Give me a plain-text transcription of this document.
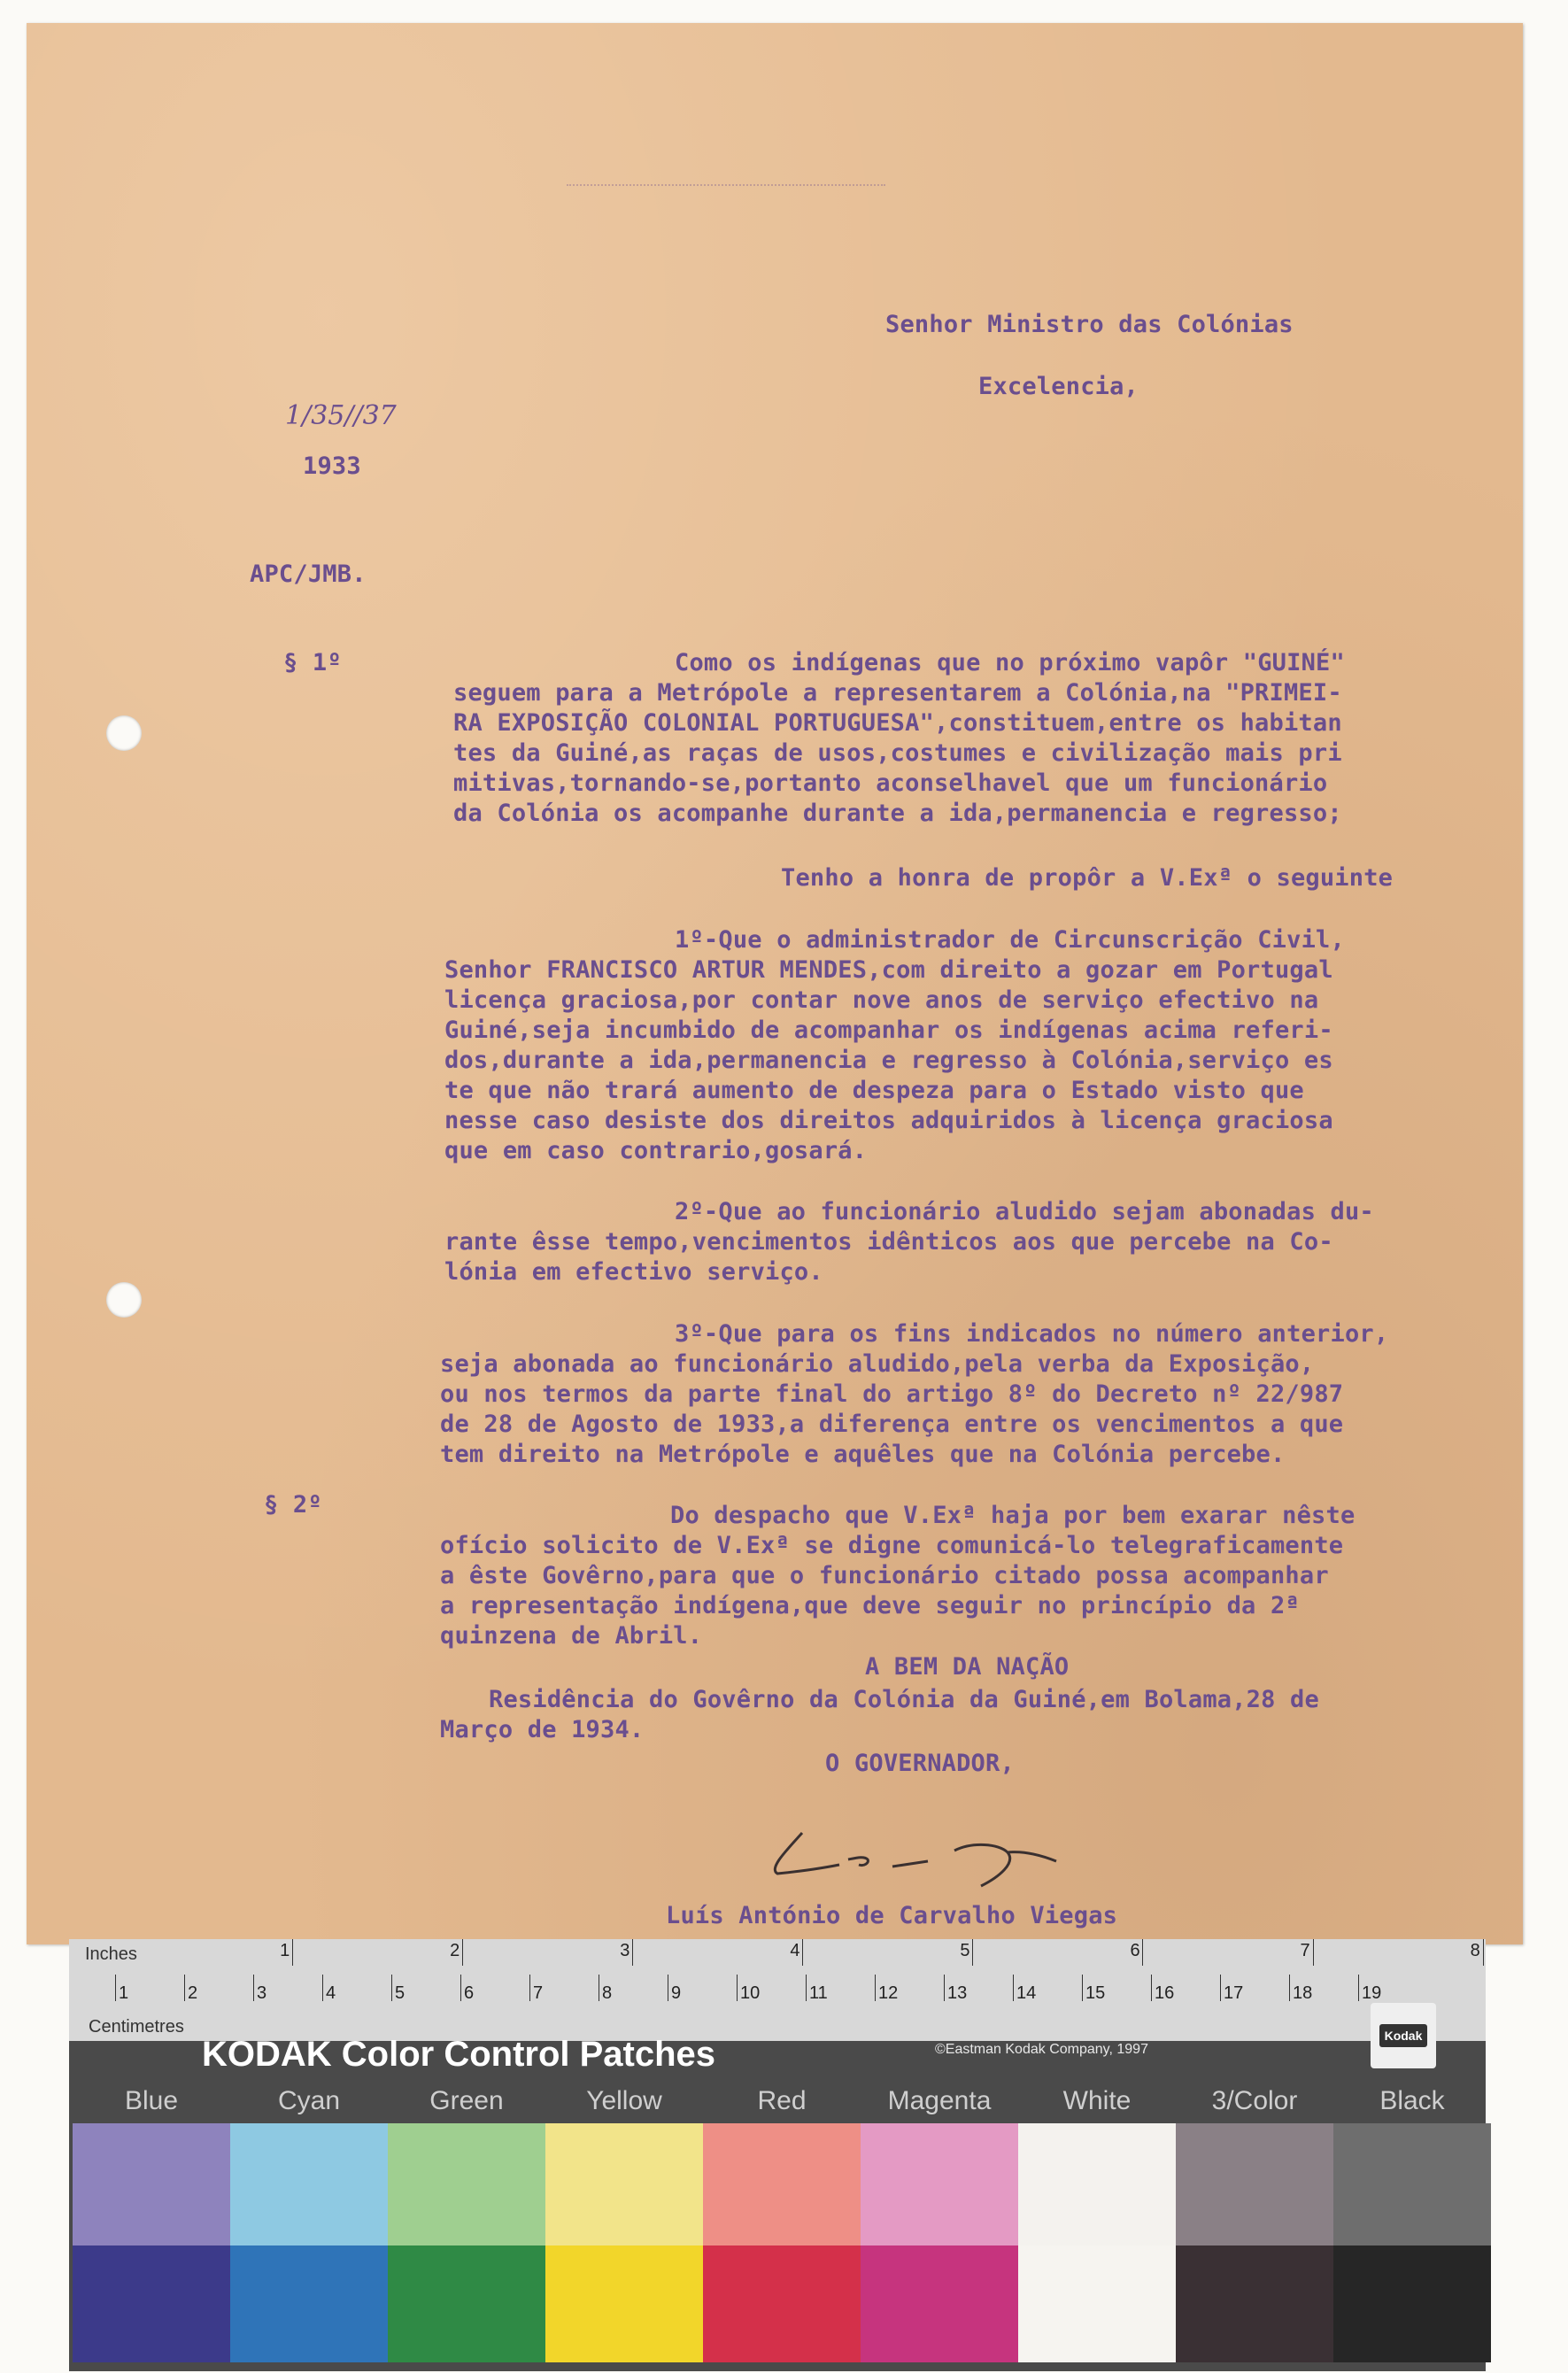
Senhor Ministro das Colónias
Excelencia,
1/35//37
1933
APC/JMB.
§ 1º	Como os indígenas que no próximo vapôr "GUINÉ"
seguem para a Metrópole a representarem a Colónia,na "PRIMEI-
RA EXPOSIÇÃO COLONIAL PORTUGUESA",constituem,entre os habitan
tes da Guiné,as raças de usos,costumes e civilização mais pri
mitivas,tornando-se,portanto aconselhavel que um funcionário
da Colónia os acompanhe durante a ida,permanencia e regresso;
Tenho a honra de propôr a V.Exª o seguinte
1º-Que o administrador de Circunscrição Civil,
Senhor FRANCISCO ARTUR MENDES,com direito a gozar em Portugal
licença graciosa,por contar nove anos de serviço efectivo na
Guiné,seja incumbido de acompanhar os indígenas acima referi-
dos,durante a ida,permanencia e regresso à Colónia,serviço es
te que não trará aumento de despeza para o Estado visto que
nesse caso desiste dos direitos adquiridos à licença graciosa
que em caso contrario,gosará.
2º-Que ao funcionário aludido sejam abonadas du-
rante êsse tempo,vencimentos idênticos aos que percebe na Co-
lónia em efectivo serviço.
3º-Que para os fins indicados no número anterior,
seja abonada ao funcionário aludido,pela verba da Exposição,
ou nos termos da parte final do artigo 8º do Decreto nº 22/987
de 28 de Agosto de 1933,a diferença entre os vencimentos a que
tem direito na Metrópole e aquêles que na Colónia percebe.
§ 2º	Do despacho que V.Exª haja por bem exarar nêste
ofício solicito de V.Exª se digne comunicá-lo telegraficamente
a êste Govêrno,para que o funcionário citado possa acompanhar
a representação indígena,que deve seguir no princípio da 2ª
quinzena de Abril.
A BEM DA NAÇÃO
Residência do Govêrno da Colónia da Guiné,em Bolama,28 de
Março de 1934.
O GOVERNADOR,
Luís António de Carvalho Viegas
1	2	3	4	5	6	7	8
1	2	3	4	5	6	7	8	9	10	11	12	13	14	15	16	17	18	19
Inches
Centimetres
KODAK Color Control Patches	©Eastman Kodak Company, 1997
Kodak
Blue	Cyan	Green	Yellow	Red	Magenta	White	3/Color	Black
